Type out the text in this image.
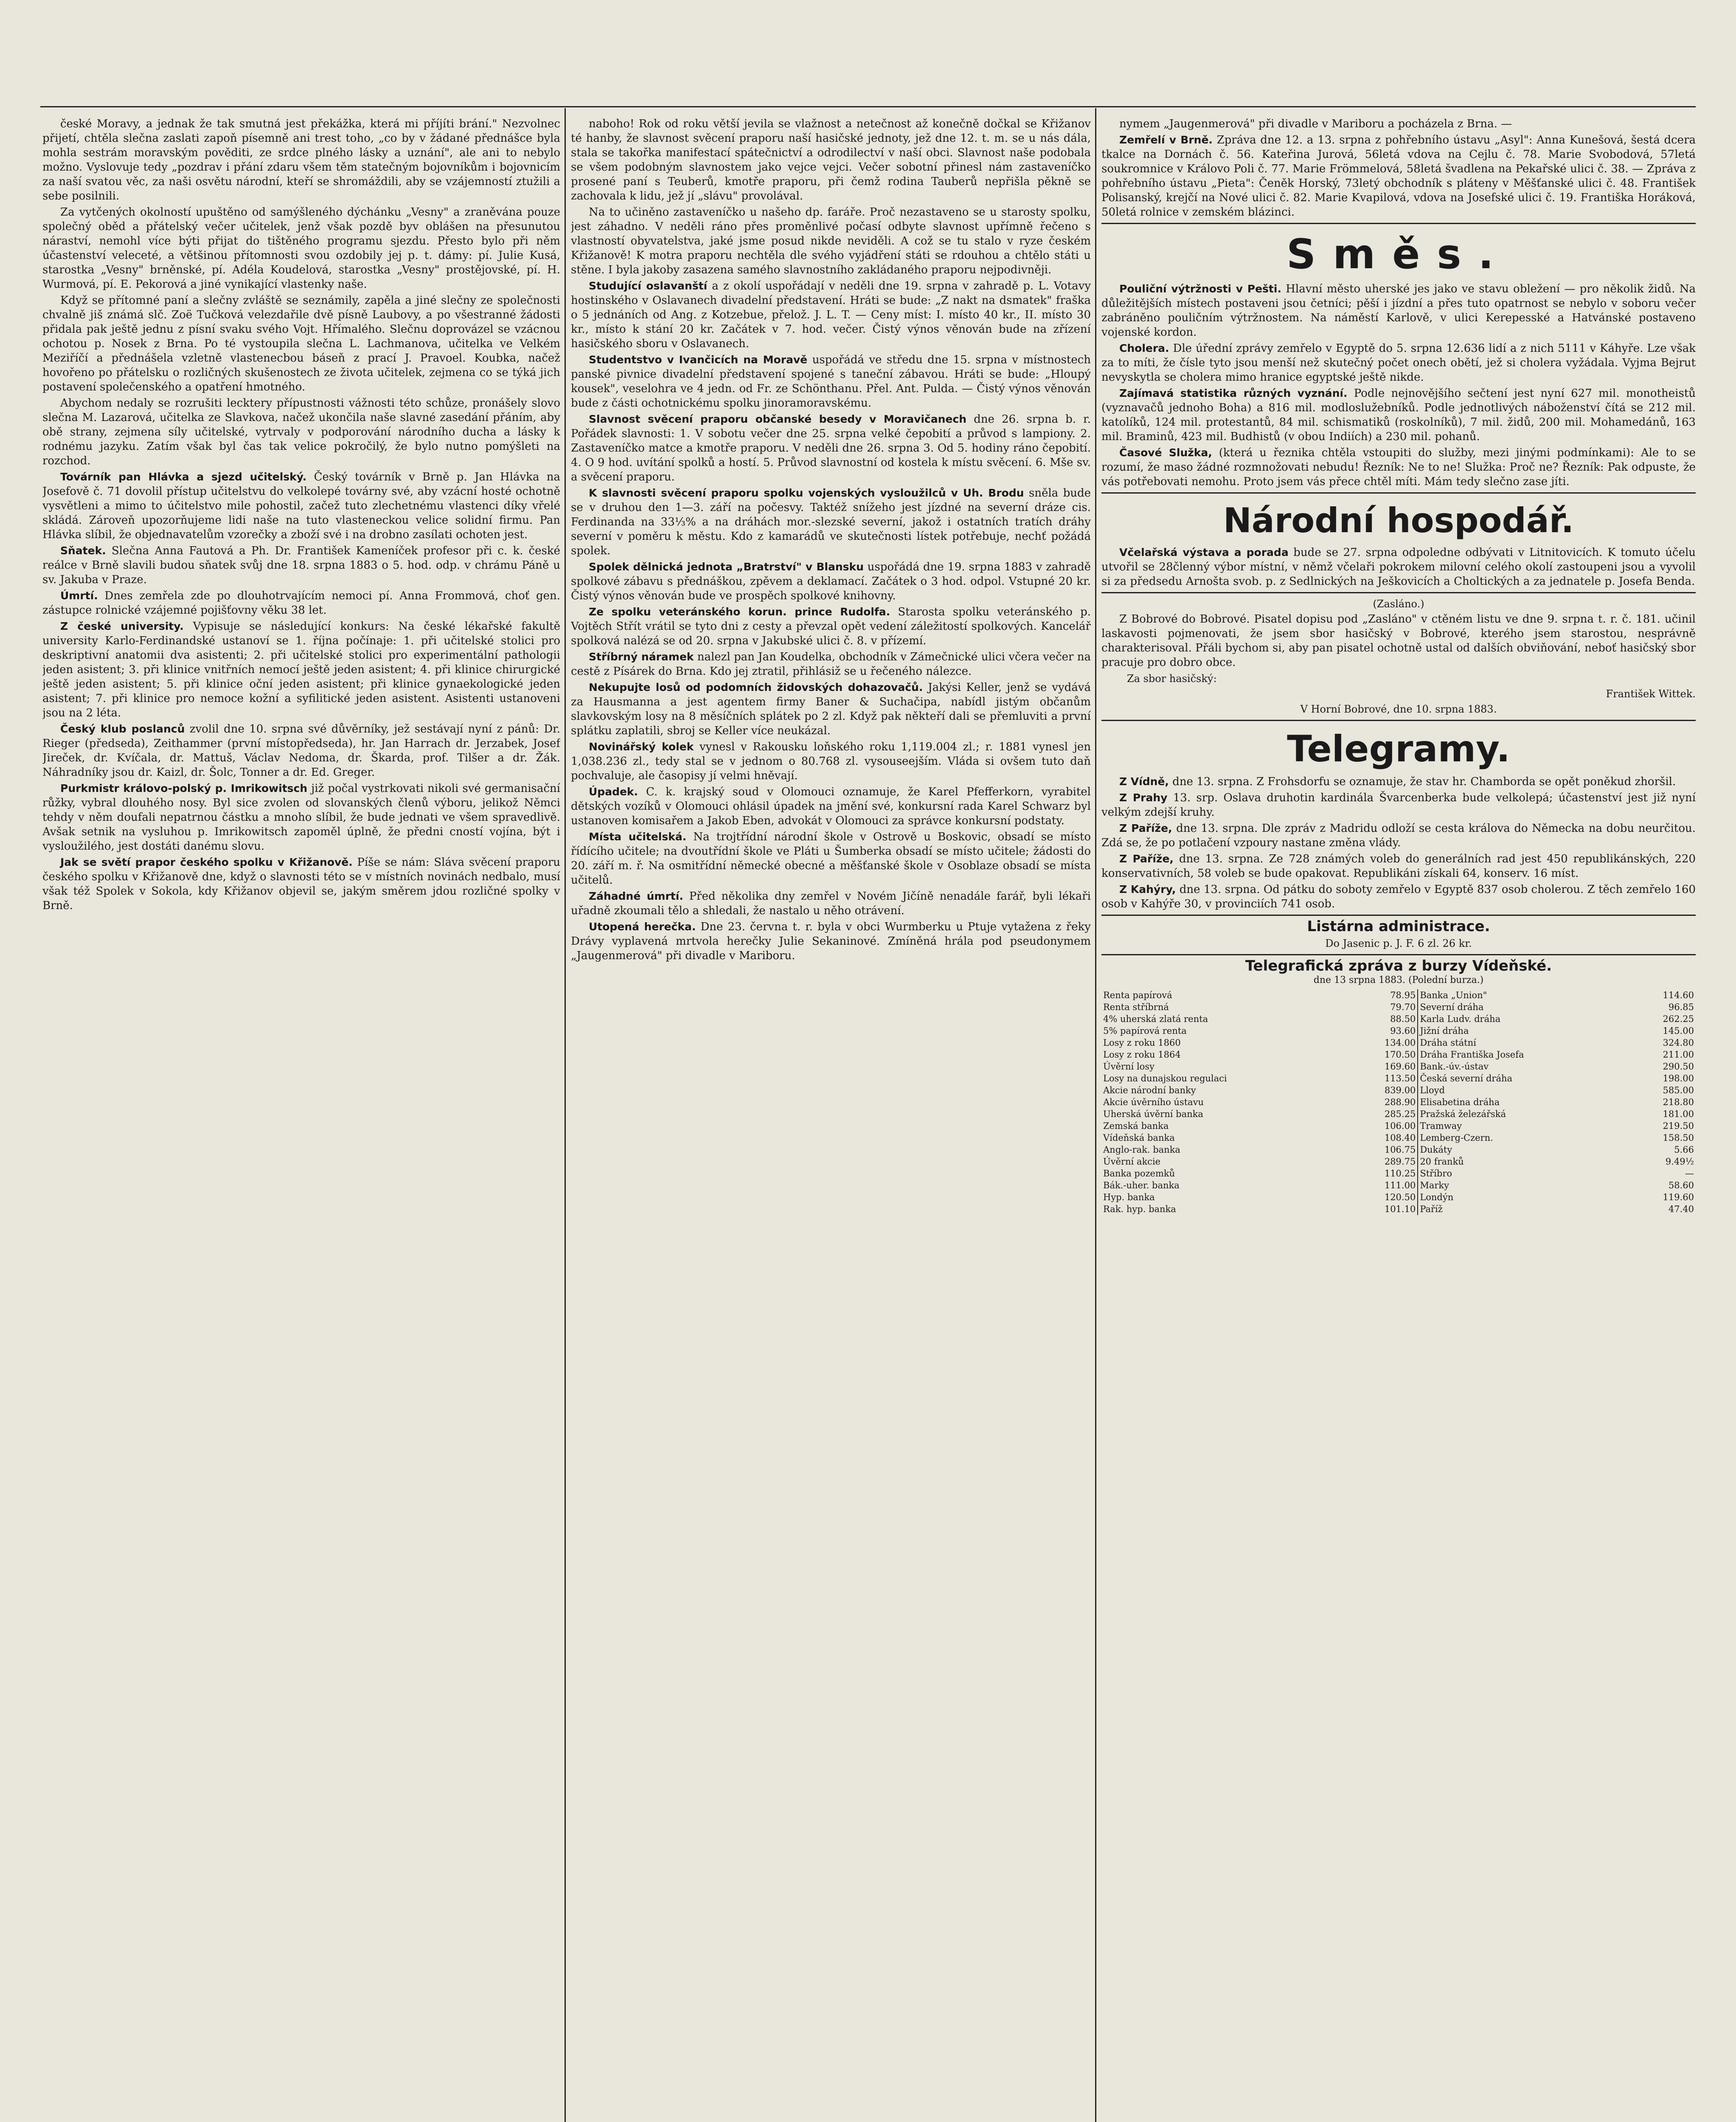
české Moravy, a jednak že tak smutná jest překážka, která mi příjíti brání." Nezvolnec přijetí, chtěla slečna zaslati zapoň písemně ani trest toho, „co by v žádané přednášce byla mohla sestrám moravským pověditi, ze srdce plného lásky a uznání", ale ani to nebylo možno. Vyslovuje tedy „pozdrav i přání zdaru všem těm statečným bojovníkům i bojovnicím za naší svatou věc, za naši osvětu národní, kteří se shromáždili, aby se vzájemností ztužili a sebe posilnili.

Za vytčených okolností upuštěno od samýšleného dýchánku „Vesny" a zraněvána pouze společný oběd a přátelský večer učitelek, jenž však pozdě byv oblášen na přesunutou náraství, nemohl více býti přijat do tištěného programu sjezdu. Přesto bylo při něm účastenství veleceté, a většinou přítomnosti svou ozdobily jej p. t. dámy: pí. Julie Kusá, starostka „Vesny" brněnské, pí. Adéla Koudelová, starostka „Vesny" prostějovské, pí. H. Wurmová, pí. E. Pekorová a jiné vynikající vlastenky naše.

Když se přítomné paní a slečny zvláště se seznámily, zapěla a jiné slečny ze společnosti chvalně jiš známá slč. Zoë Tučková velezdařile dvě písně Laubovy, a po všestranné žádosti přidala pak ještě jednu z písní svaku svého Vojt. Hřímalého. Slečnu doprovázel se vzácnou ochotou p. Nosek z Brna. Po té vystoupila slečna L. Lachmanova, učitelka ve Velkém Meziříčí a přednášela vzletně vlastenecbou báseň z prací J. Pravoel. Koubka, načež hovořeno po přátelsku o rozličných skušenostech ze života učitelek, zejmena co se týká jich postavení společenského a opatření hmotného.

Abychom nedaly se rozrušiti lecktery přípustnosti vážnosti této schůze, pronášely slovo slečna M. Lazarová, učitelka ze Slavkova, načež ukončila naše slavné zasedání přáním, aby obě strany, zejmena síly učitelské, vytrvaly v podporování národního ducha a lásky k rodnému jazyku. Zatím však byl čas tak velice pokročilý, že bylo nutno pomýšleti na rozchod.

Továrník pan Hlávka a sjezd učitelský. Český továrník v Brně p. Jan Hlávka na Josefově č. 71 dovolil přístup učitelstvu do velkolepé továrny své, aby vzácní hosté ochotně vysvětleni a mimo to účitelstvo mile pohostil, začež tuto zlechetnému vlastenci díky vřelé skládá. Zároveň upozorňujeme lidi naše na tuto vlasteneckou velice solidní firmu. Pan Hlávka slíbil, že objednavatelům vzorečky a zboží své i na drobno zasílati ochoten jest.

Sňatek. Slečna Anna Fautová a Ph. Dr. František Kameníček profesor při c. k. české reálce v Brně slavili budou sňatek svůj dne 18. srpna 1883 o 5. hod. odp. v chrámu Páně u sv. Jakuba v Praze.

Úmrtí. Dnes zemřela zde po dlouhotrvajícím nemoci pí. Anna Frommová, choť gen. zástupce rolnické vzájemné pojišťovny věku 38 let.

Z české university. Vypisuje se následující konkurs: Na české lékařské fakultě university Karlo-Ferdinandské ustanoví se 1. října počínaje: 1. při učitelské stolici pro deskriptivní anatomii dva asistenti; 2. při učitelské stolici pro experimentální pathologii jeden asistent; 3. při klinice vnitřních nemocí ještě jeden asistent; 4. při klinice chirurgické ještě jeden asistent; 5. při klinice oční jeden asistent; při klinice gynaekologické jeden asistent; 7. při klinice pro nemoce kožní a syfilitické jeden asistent. Asistenti ustanoveni jsou na 2 léta.

Český klub poslanců zvolil dne 10. srpna své důvěrníky, jež sestávají nyní z pánů: Dr. Rieger (předseda), Zeithammer (první místopředseda), hr. Jan Harrach dr. Jerzabek, Josef Jireček, dr. Kvíčala, dr. Mattuš, Václav Nedoma, dr. Škarda, prof. Tilšer a dr. Žák. Náhradníky jsou dr. Kaizl, dr. Šolc, Tonner a dr. Ed. Greger.

Purkmistr královo-polský p. Imrikowitsch již počal vystrkovati nikoli své germanisační růžky, vybral dlouhého nosy. Byl sice zvolen od slovanských členů výboru, jelikož Němci tehdy v něm doufali nepatrnou částku a mnoho slíbil, že bude jednati ve všem spravedlivě. Avšak setnik na vysluhou p. Imrikowitsch zapoměl úplně, že předni cností vojína, být i vysloužilého, jest dostáti danému slovu.

Jak se světí prapor českého spolku v Křižanově. Píše se nám: Sláva svěcení praporu českého spolku v Křižanově dne, když o slavnosti této se v místních novinách nedbalo, musí však též Spolek v Sokola, kdy Křižanov objevil se, jakým směrem jdou rozličné spolky v Brně.

naboho! Rok od roku větší jevila se vlažnost a netečnost až konečně dočkal se Křižanov té hanby, že slavnost svěcení praporu naší hasičské jednoty, jež dne 12. t. m. se u nás dála, stala se takořka manifestací spátečnictví a odrodilectví v naší obci. Slavnost naše podobala se všem podobným slavnostem jako vejce vejci. Večer sobotní přinesl nám zastaveníčko prosené paní s Teuberů, kmotře praporu, při čemž rodina Tauberů nepřišla pěkně se zachovala k lidu, jež jí „slávu" provolával.

Na to učiněno zastaveníčko u našeho dp. faráře. Proč nezastaveno se u starosty spolku, jest záhadno. V neděli ráno přes proměnlivé počasí odbyte slavnost upřímně řečeno s vlastností obyvatelstva, jaké jsme posud nikde neviděli. A což se tu stalo v ryze českém Křižanově! K motra praporu nechtěla dle svého vyjádření státi se rdouhou a chtělo státi u stěne. I byla jakoby zasazena samého slavnostního zakládaného praporu nejpodivněji.

Studující oslavanští a z okolí uspořádají v neděli dne 19. srpna v zahradě p. L. Votavy hostinského v Oslavanech divadelní představení. Hráti se bude: „Z nakt na dsmatek" fraška o 5 jednáních od Ang. z Kotzebue, přelož. J. L. T. — Ceny míst: I. místo 40 kr., II. místo 30 kr., místo k stání 20 kr. Začátek v 7. hod. večer. Čistý výnos věnován bude na zřízení hasičského sboru v Oslavanech.

Studentstvo v Ivančicích na Moravě uspořádá ve středu dne 15. srpna v místnostech panské pivnice divadelní představení spojené s taneční zábavou. Hráti se bude: „Hloupý kousek", veselohra ve 4 jedn. od Fr. ze Schönthanu. Přel. Ant. Pulda. — Čistý výnos věnován bude z části ochotnickému spolku jinoramoravskému.

Slavnost svěcení praporu občanské besedy v Moravičanech dne 26. srpna b. r. Pořádek slavnosti: 1. V sobotu večer dne 25. srpna velké čepobití a průvod s lampiony. 2. Zastaveníčko matce a kmotře praporu. V neděli dne 26. srpna 3. Od 5. hodiny ráno čepobití. 4. O 9 hod. uvítání spolků a hostí. 5. Průvod slavnostní od kostela k místu svěcení. 6. Mše sv. a svěcení praporu.

K slavnosti svěcení praporu spolku vojenských vysloužilců v Uh. Brodu sněla bude se v druhou den 1—3. září na počesvy. Taktéž snížeho jest jízdné na severní dráze cis. Ferdinanda na 33⅓% a na dráhách mor.-slezské severní, jakož i ostatních tratích dráhy severní v poměru k městu. Kdo z kamarádů ve skutečnosti lístek potřebuje, nechť požádá spolek.

Spolek dělnická jednota „Bratrství" v Blansku uspořádá dne 19. srpna 1883 v zahradě spolkové zábavu s přednáškou, zpěvem a deklamací. Začátek o 3 hod. odpol. Vstupné 20 kr. Čistý výnos věnován bude ve prospěch spolkové knihovny.

Ze spolku veteránského korun. prince Rudolfa. Starosta spolku veteránského p. Vojtěch Střít vrátil se tyto dni z cesty a převzal opět vedení záležitostí spolkových. Kancelář spolková nalézá se od 20. srpna v Jakubské ulici č. 8. v přízemí.

Stříbrný náramek nalezl pan Jan Koudelka, obchodník v Zámečnické ulici včera večer na cestě z Písárek do Brna. Kdo jej ztratil, přihlásiž se u řečeného nálezce.

Nekupujte losů od podomních židovských dohazovačů. Jakýsi Keller, jenž se vydává za Hausmanna a jest agentem firmy Baner & Suchačipa, nabídl jistým občanům slavkovským losy na 8 měsíčních splátek po 2 zl. Když pak někteří dali se přemluviti a první splátku zaplatili, sbroj se Keller více neukázal.

Novinářský kolek vynesl v Rakousku loňského roku 1,119.004 zl.; r. 1881 vynesl jen 1,038.236 zl., tedy stal se v jednom o 80.768 zl. vysouseejším. Vláda si ovšem tuto daň pochvaluje, ale časopisy jí velmi hněvají.

Úpadek. C. k. krajský soud v Olomouci oznamuje, že Karel Pfefferkorn, vyrabitel dětských vozíků v Olomouci ohlásil úpadek na jmění své, konkursní rada Karel Schwarz byl ustanoven komisařem a Jakob Eben, advokát v Olomouci za správce konkursní podstaty.

Místa učitelská. Na trojtřídní národní škole v Ostrově u Boskovic, obsadí se místo řídícího učitele; na dvoutřídní škole ve Pláti u Šumberka obsadí se místo učitele; žádosti do 20. září m. ř. Na osmitřídní německé obecné a měšťanské škole v Osoblaze obsadí se místa učitelů.

Záhadné úmrtí. Před několika dny zemřel v Novém Jičíně nenadále farář, byli lékaři uřadně zkoumali tělo a shledali, že nastalo u něho otrávení.

Utopená herečka. Dne 23. června t. r. byla v obci Wurmberku u Ptuje vytažena z řeky Drávy vyplavená mrtvola herečky Julie Sekaninové. Zmíněná hrála pod pseudonymem „Jaugenmerová" při divadle v Mariboru.

nymem „Jaugenmerová" při divadle v Mariboru a pocházela z Brna. —

Zemřelí v Brně. Zpráva dne 12. a 13. srpna z pohřebního ústavu „Asyl": Anna Kunešová, šestá dcera tkalce na Dornách č. 56. Kateřina Jurová, 56letá vdova na Cejlu č. 78. Marie Svobodová, 57letá soukromnice v Královo Poli č. 77. Marie Frömmelová, 58letá švadlena na Pekařské ulici č. 38. — Zpráva z pohřebního ústavu „Pieta": Čeněk Horský, 73letý obchodník s pláteny v Měšťanské ulici č. 48. František Polisanský, krejčí na Nové ulici č. 82. Marie Kvapilová, vdova na Josefské ulici č. 19. Františka Horáková, 50letá rolnice v zemském blázinci.

Směs.

Pouliční výtržnosti v Pešti. Hlavní město uherské jes jako ve stavu obležení — pro několik židů. Na důležitějších místech postaveni jsou četníci; pěší i jízdní a přes tuto opatrnost se nebylo v soboru večer zabráněno pouličním výtržnostem. Na náměstí Karlově, v ulici Kerepesské a Hatvánské postaveno vojenské kordon.

Cholera. Dle úřední zprávy zemřelo v Egyptě do 5. srpna 12.636 lidí a z nich 5111 v Káhyře. Lze však za to míti, že čísle tyto jsou menší než skutečný počet onech obětí, jež si cholera vyžádala. Vyjma Bejrut nevyskytla se cholera mimo hranice egyptské ještě nikde.

Zajímavá statistika různých vyznání. Podle nejnovějšího sečtení jest nyní 627 mil. monotheistů (vyznavačů jednoho Boha) a 816 mil. modloslužebníků. Podle jednotlivých náboženství čítá se 212 mil. katolíků, 124 mil. protestantů, 84 mil. schismatiků (roskolníků), 7 mil. židů, 200 mil. Mohamedánů, 163 mil. Braminů, 423 mil. Budhistů (v obou Indiích) a 230 mil. pohanů.

Časové Služka, (která u řeznika chtěla vstoupiti do služby, mezi jinými podmínkami): Ale to se rozumí, že maso žádné rozmnožovati nebudu! Řezník: Ne to ne! Služka: Proč ne? Řezník: Pak odpuste, že vás potřebovati nemohu. Proto jsem vás přece chtěl míti. Mám tedy slečno zase jíti.

Národní hospodář.

Včelařská výstava a porada bude se 27. srpna odpoledne odbývati v Litnitovicích. K tomuto účelu utvořil se 28členný výbor místní, v němž včelaři pokrokem milovní celého okolí zastoupeni jsou a vyvolil si za předsedu Arnošta svob. p. z Sedlnických na Ješkovicích a Choltických a za jednatele p. Josefa Benda.

(Zasláno.)

Z Bobrové do Bobrové. Pisatel dopisu pod „Zasláno" v ctěném listu ve dne 9. srpna t. r. č. 181. učinil laskavosti pojmenovati, že jsem sbor hasičský v Bobrové, kterého jsem starostou, nesprávně charakterisoval. Přáli bychom si, aby pan pisatel ochotně ustal od dalších obviňování, neboť hasičský sbor pracuje pro dobro obce.

Za sbor hasičský:
František Wittek.
V Horní Bobrové, dne 10. srpna 1883.
Telegramy.

Z Vídně, dne 13. srpna. Z Frohsdorfu se oznamuje, že stav hr. Chamborda se opět poněkud zhoršil.

Z Prahy 13. srp. Oslava druhotin kardinála Švarcenberka bude velkolepá; účastenství jest již nyní velkým zdejší kruhy.

Z Paříže, dne 13. srpna. Dle zpráv z Madridu odloží se cesta králova do Německa na dobu neurčitou. Zdá se, že po potlačení vzpoury nastane změna vlády.

Z Paříže, dne 13. srpna. Ze 728 známých voleb do generálních rad jest 450 republikánských, 220 konservativních, 58 voleb se bude opakovat. Republikáni získali 64, konserv. 16 míst.

Z Kahýry, dne 13. srpna. Od pátku do soboty zemřelo v Egyptě 837 osob cholerou. Z těch zemřelo 160 osob v Kahýře 30, v provinciích 741 osob.

Listárna administrace.
Do Jasenic p. J. F. 6 zl. 26 kr.
Telegrafická zpráva z burzy Vídeňské.
dne 13 srpna 1883. (Polední burza.)
Renta papírová	78.95	Banka „Union"	114.60
Renta stříbrná	79.70	Severní dráha	96.85
4% uherská zlatá renta	88.50	Karla Ludv. dráha	262.25
5% papírová renta	93.60	Jižní dráha	145.00
Losy z roku 1860	134.00	Dráha státní	324.80
Losy z roku 1864	170.50	Dráha Františka Josefa	211.00
Úvěrní losy	169.60	Bank.-úv.-ústav	290.50
Losy na dunajskou regulaci	113.50	Česká severní dráha	198.00
Akcie národní banky	839.00	Lloyd	585.00
Akcie úvěrního ústavu	288.90	Elisabetina dráha	218.80
Uherská úvěrní banka	285.25	Pražská železářská	181.00
Zemská banka	106.00	Tramway	219.50
Vídeňská banka	108.40	Lemberg-Czern.	158.50
Anglo-rak. banka	106.75	Dukáty	5.66
Úvěrní akcie	289.75	20 franků	9.49½
Banka pozemků	110.25	Stříbro	—
Bák.-uher. banka	111.00	Marky	58.60
Hyp. banka	120.50	Londýn	119.60
Rak. hyp. banka	101.10	Paříž	47.40
